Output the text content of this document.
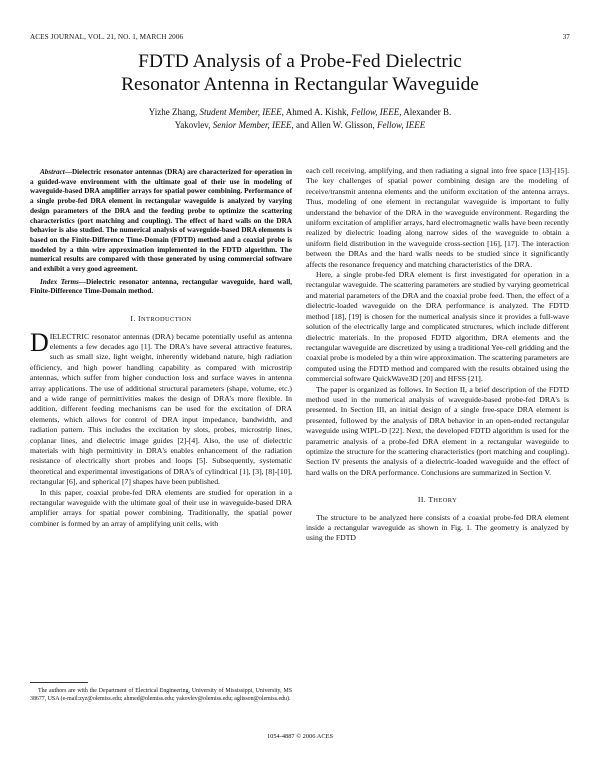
ACES JOURNAL, VOL. 21, NO. 1, MARCH 2006	37
FDTD Analysis of a Probe-Fed Dielectric
Resonator Antenna in Rectangular Waveguide
Yizhe Zhang, Student Member, IEEE, Ahmed A. Kishk, Fellow, IEEE, Alexander B.
Yakovlev, Senior Member, IEEE, and Allen W. Glisson, Fellow, IEEE

Abstract—Dielectric resonator antennas (DRA) are characterized for operation in a guided-wave environment with the ultimate goal of their use in modeling of waveguide-based DRA amplifier arrays for spatial power combining. Performance of a single probe-fed DRA element in rectangular waveguide is analyzed by varying design parameters of the DRA and the feeding probe to optimize the scattering characteristics (port matching and coupling). The effect of hard walls on the DRA behavior is also studied. The numerical analysis of waveguide-based DRA elements is based on the Finite-Difference Time-Domain (FDTD) method and a coaxial probe is modeled by a thin wire approximation implemented in the FDTD algorithm. The numerical results are compared with those generated by using commercial software and exhibit a very good agreement.

Index Terms—Dielectric resonator antenna, rectangular waveguide, hard wall, Finite-Difference Time-Domain method.

I. INTRODUCTION

DIELECTRIC resonator antennas (DRA) became potentially useful as antenna elements a few decades ago [1]. The DRA's have several attractive features, such as small size, light weight, inherently wideband nature, high radiation efficiency, and high power handling capability as compared with microstrip antennas, which suffer from higher conduction loss and surface waves in antenna array applications. The use of additional structural parameters (shape, volume, etc.) and a wide range of permittivities makes the design of DRA's more flexible. In addition, different feeding mechanisms can be used for the excitation of DRA elements, which allows for control of DRA input impedance, bandwidth, and radiation pattern. This includes the excitation by slots, probes, microstrip lines, coplanar lines, and dielectric image guides [2]-[4]. Also, the use of dielectric materials with high permittivity in DRA's enables enhancement of the radiation resistance of electrically short probes and loops [5]. Subsequently, systematic theoretical and experimental investigations of DRA's of cylindrical [1], [3], [8]-[10], rectangular [6], and spherical [7] shapes have been published.

In this paper, coaxial probe-fed DRA elements are studied for operation in a rectangular waveguide with the ultimate goal of their use in waveguide-based DRA amplifier arrays for spatial power combining. Traditionally, the spatial power combiner is formed by an array of amplifying unit cells, with

The authors are with the Department of Electrical Engineering, University of Mississippi, University, MS 38677, USA (e-mail:zyz@olemiss.edu; ahmed@olemiss.edu; yakovlev@olemiss.edu; aglisson@olemiss.edu).

each cell receiving, amplifying, and then radiating a signal into free space [13]-[15]. The key challenges of spatial power combining design are the modeling of receive/transmit antenna elements and the uniform excitation of the antenna arrays. Thus, modeling of one element in rectangular waveguide is important to fully understand the behavior of the DRA in the waveguide environment. Regarding the uniform excitation of amplifier arrays, hard electromagnetic walls have been recently realized by dielectric loading along narrow sides of the waveguide to obtain a uniform field distribution in the waveguide cross-section [16], [17]. The interaction between the DRAs and the hard walls needs to be studied since it significantly affects the resonance frequency and matching characteristics of the DRA.

Here, a single probe-fed DRA element is first investigated for operation in a rectangular waveguide. The scattering parameters are studied by varying geometrical and material parameters of the DRA and the coaxial probe feed. Then, the effect of a dielectric-loaded waveguide on the DRA performance is analyzed. The FDTD method [18], [19] is chosen for the numerical analysis since it provides a full-wave solution of the electrically large and complicated structures, which include different dielectric materials. In the proposed FDTD algorithm, DRA elements and the rectangular waveguide are discretized by using a traditional Yee-cell gridding and the coaxial probe is modeled by a thin wire approximation. The scattering parameters are computed using the FDTD method and compared with the results obtained using the commercial software QuickWave3D [20] and HFSS [21].

The paper is organized as follows. In Section II, a brief description of the FDTD method used in the numerical analysis of waveguide-based probe-fed DRA's is presented. In Section III, an initial design of a single free-space DRA element is presented, followed by the analysis of DRA behavior in an open-ended rectangular waveguide using WIPL-D [22]. Next, the developed FDTD algorithm is used for the parametric analysis of a probe-fed DRA element in a rectangular waveguide to optimize the structure for the scattering characteristics (port matching and coupling). Section IV presents the analysis of a dielectric-loaded waveguide and the effect of hard walls on the DRA performance. Conclusions are summarized in Section V.

II. THEORY

The structure to be analyzed here consists of a coaxial probe-fed DRA element inside a rectangular waveguide as shown in Fig. 1. The geometry is analyzed by using the FDTD

1054-4887 © 2006 ACES
